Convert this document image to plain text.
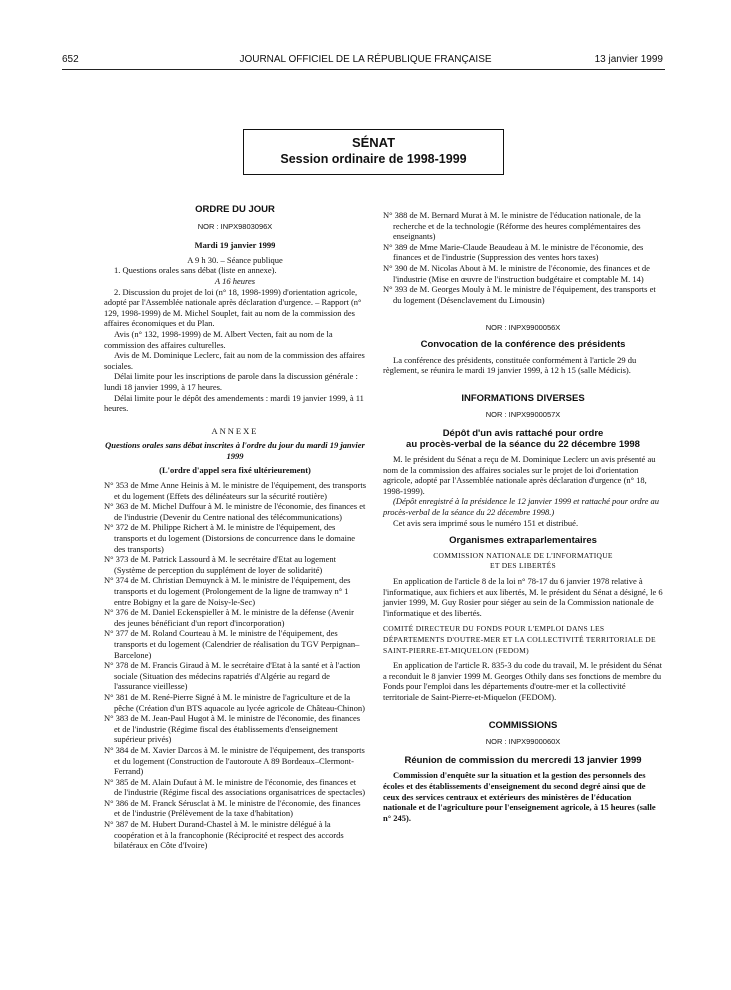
652	JOURNAL OFFICIEL DE LA RÉPUBLIQUE FRANÇAISE	13 janvier 1999
SÉNAT
Session ordinaire de 1998-1999

ORDRE DU JOUR

NOR : INPX9803096X

Mardi 19 janvier 1999

A 9 h 30. – Séance publique

1. Questions orales sans débat (liste en annexe).

A 16 heures

2. Discussion du projet de loi (n° 18, 1998-1999) d'orientation agricole, adopté par l'Assemblée nationale après déclaration d'urgence. – Rapport (n° 129, 1998-1999) de M. Michel Souplet, fait au nom de la commission des affaires économiques et du Plan.

Avis (n° 132, 1998-1999) de M. Albert Vecten, fait au nom de la commission des affaires culturelles.

Avis de M. Dominique Leclerc, fait au nom de la commission des affaires sociales.

Délai limite pour les inscriptions de parole dans la discussion générale : lundi 18 janvier 1999, à 17 heures.

Délai limite pour le dépôt des amendements : mardi 19 janvier 1999, à 11 heures.

ANNEXE

Questions orales sans débat inscrites à l'ordre du jour du mardi 19 janvier 1999

(L'ordre d'appel sera fixé ultérieurement)

N° 353 de Mme Anne Heinis à M. le ministre de l'équipement, des transports et du logement (Effets des délinéateurs sur la sécurité routière)

N° 363 de M. Michel Duffour à M. le ministre de l'économie, des finances et de l'industrie (Devenir du Centre national des télécommunications)

N° 372 de M. Philippe Richert à M. le ministre de l'équipement, des transports et du logement (Distorsions de concurrence dans le domaine des transports)

N° 373 de M. Patrick Lassourd à M. le secrétaire d'Etat au logement (Système de perception du supplément de loyer de solidarité)

N° 374 de M. Christian Demuynck à M. le ministre de l'équipement, des transports et du logement (Prolongement de la ligne de tramway n° 1 entre Bobigny et la gare de Noisy-le-Sec)

N° 376 de M. Daniel Eckenspieller à M. le ministre de la défense (Avenir des jeunes bénéficiant d'un report d'incorporation)

N° 377 de M. Roland Courteau à M. le ministre de l'équipement, des transports et du logement (Calendrier de réalisation du TGV Perpignan–Barcelone)

N° 378 de M. Francis Giraud à M. le secrétaire d'Etat à la santé et à l'action sociale (Situation des médecins rapatriés d'Algérie au regard de l'assurance vieillesse)

N° 381 de M. René-Pierre Signé à M. le ministre de l'agriculture et de la pêche (Création d'un BTS aquacole au lycée agricole de Château-Chinon)

N° 383 de M. Jean-Paul Hugot à M. le ministre de l'économie, des finances et de l'industrie (Régime fiscal des établissements d'enseignement supérieur privés)

N° 384 de M. Xavier Darcos à M. le ministre de l'équipement, des transports et du logement (Construction de l'autoroute A 89 Bordeaux–Clermont-Ferrand)

N° 385 de M. Alain Dufaut à M. le ministre de l'économie, des finances et de l'industrie (Régime fiscal des associations organisatrices de spectacles)

N° 386 de M. Franck Sérusclat à M. le ministre de l'économie, des finances et de l'industrie (Prélèvement de la taxe d'habitation)

N° 387 de M. Hubert Durand-Chastel à M. le ministre délégué à la coopération et à la francophonie (Réciprocité et respect des accords bilatéraux en Côte d'Ivoire)

N° 388 de M. Bernard Murat à M. le ministre de l'éducation nationale, de la recherche et de la technologie (Réforme des heures complémentaires des enseignants)

N° 389 de Mme Marie-Claude Beaudeau à M. le ministre de l'économie, des finances et de l'industrie (Suppression des ventes hors taxes)

N° 390 de M. Nicolas About à M. le ministre de l'économie, des finances et de l'industrie (Mise en œuvre de l'instruction budgétaire et comptable M. 14)

N° 393 de M. Georges Mouly à M. le ministre de l'équipement, des transports et du logement (Désenclavement du Limousin)

NOR : INPX9900056X

Convocation de la conférence des présidents

La conférence des présidents, constituée conformément à l'article 29 du règlement, se réunira le mardi 19 janvier 1999, à 12 h 15 (salle Médicis).

INFORMATIONS DIVERSES

NOR : INPX9900057X

Dépôt d'un avis rattaché pour ordre

au procès-verbal de la séance du 22 décembre 1998

M. le président du Sénat a reçu de M. Dominique Leclerc un avis présenté au nom de la commission des affaires sociales sur le projet de loi d'orientation agricole, adopté par l'Assemblée nationale après déclaration d'urgence (n° 18, 1998-1999).

(Dépôt enregistré à la présidence le 12 janvier 1999 et rattaché pour ordre au procès-verbal de la séance du 22 décembre 1998.)

Cet avis sera imprimé sous le numéro 151 et distribué.

Organismes extraparlementaires

COMMISSION NATIONALE DE L'INFORMATIQUE

ET DES LIBERTÉS

En application de l'article 8 de la loi n° 78-17 du 6 janvier 1978 relative à l'informatique, aux fichiers et aux libertés, M. le président du Sénat a désigné, le 6 janvier 1999, M. Guy Rosier pour siéger au sein de la Commission nationale de l'informatique et des libertés.

COMITÉ DIRECTEUR DU FONDS POUR L'EMPLOI DANS LES DÉPARTEMENTS D'OUTRE-MER ET LA COLLECTIVITÉ TERRITORIALE DE SAINT-PIERRE-ET-MIQUELON (FEDOM)

En application de l'article R. 835-3 du code du travail, M. le président du Sénat a reconduit le 8 janvier 1999 M. Georges Othily dans ses fonctions de membre du Fonds pour l'emploi dans les départements d'outre-mer et la collectivité territoriale de Saint-Pierre-et-Miquelon (FEDOM).

COMMISSIONS

NOR : INPX9900060X

Réunion de commission du mercredi 13 janvier 1999

Commission d'enquête sur la situation et la gestion des personnels des écoles et des établissements d'enseignement du second degré ainsi que de ceux des services centraux et extérieurs des ministères de l'éducation nationale et de l'agriculture pour l'enseignement agricole, à 15 heures (salle n° 245).
